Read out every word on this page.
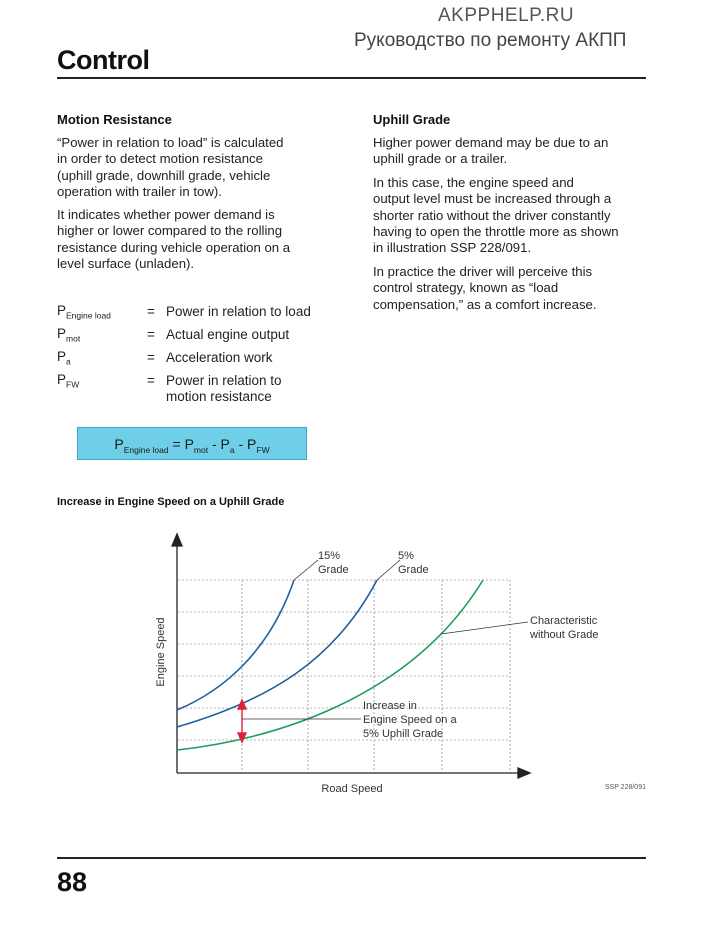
AKPPHELP.RU
Руководство по ремонту АКПП
Control
Motion Resistance
“Power in relation to load” is calculated
in order to detect motion resistance
(uphill grade, downhill grade, vehicle
operation with trailer in tow).
It indicates whether power demand is
higher or lower compared to the rolling
resistance during vehicle operation on a
level surface (unladen).
$P_{Engine load}$	= Power in relation to load
$P_{mot}$	= Actual engine output
$P_a$	= Acceleration work
$P_{FW}$	= Power in relation to
motion resistance
$P_{Engine load} = P_{mot} - P_a - P_{FW}$
Uphill Grade
Higher power demand may be due to an
uphill grade or a trailer.
In this case, the engine speed and
output level must be increased through a
shorter ratio without the driver constantly
having to open the throttle more as shown
in illustration SSP 228/091.
In practice the driver will perceive this
control strategy, known as “load
compensation,” as a comfort increase.
Increase in Engine Speed on a Uphill Grade
15% Grade
5% Grade
Characteristic without Grade
Increase in Engine Speed on a 5% Uphill Grade
Road Speed
Engine Speed
SSP 228/091
88
